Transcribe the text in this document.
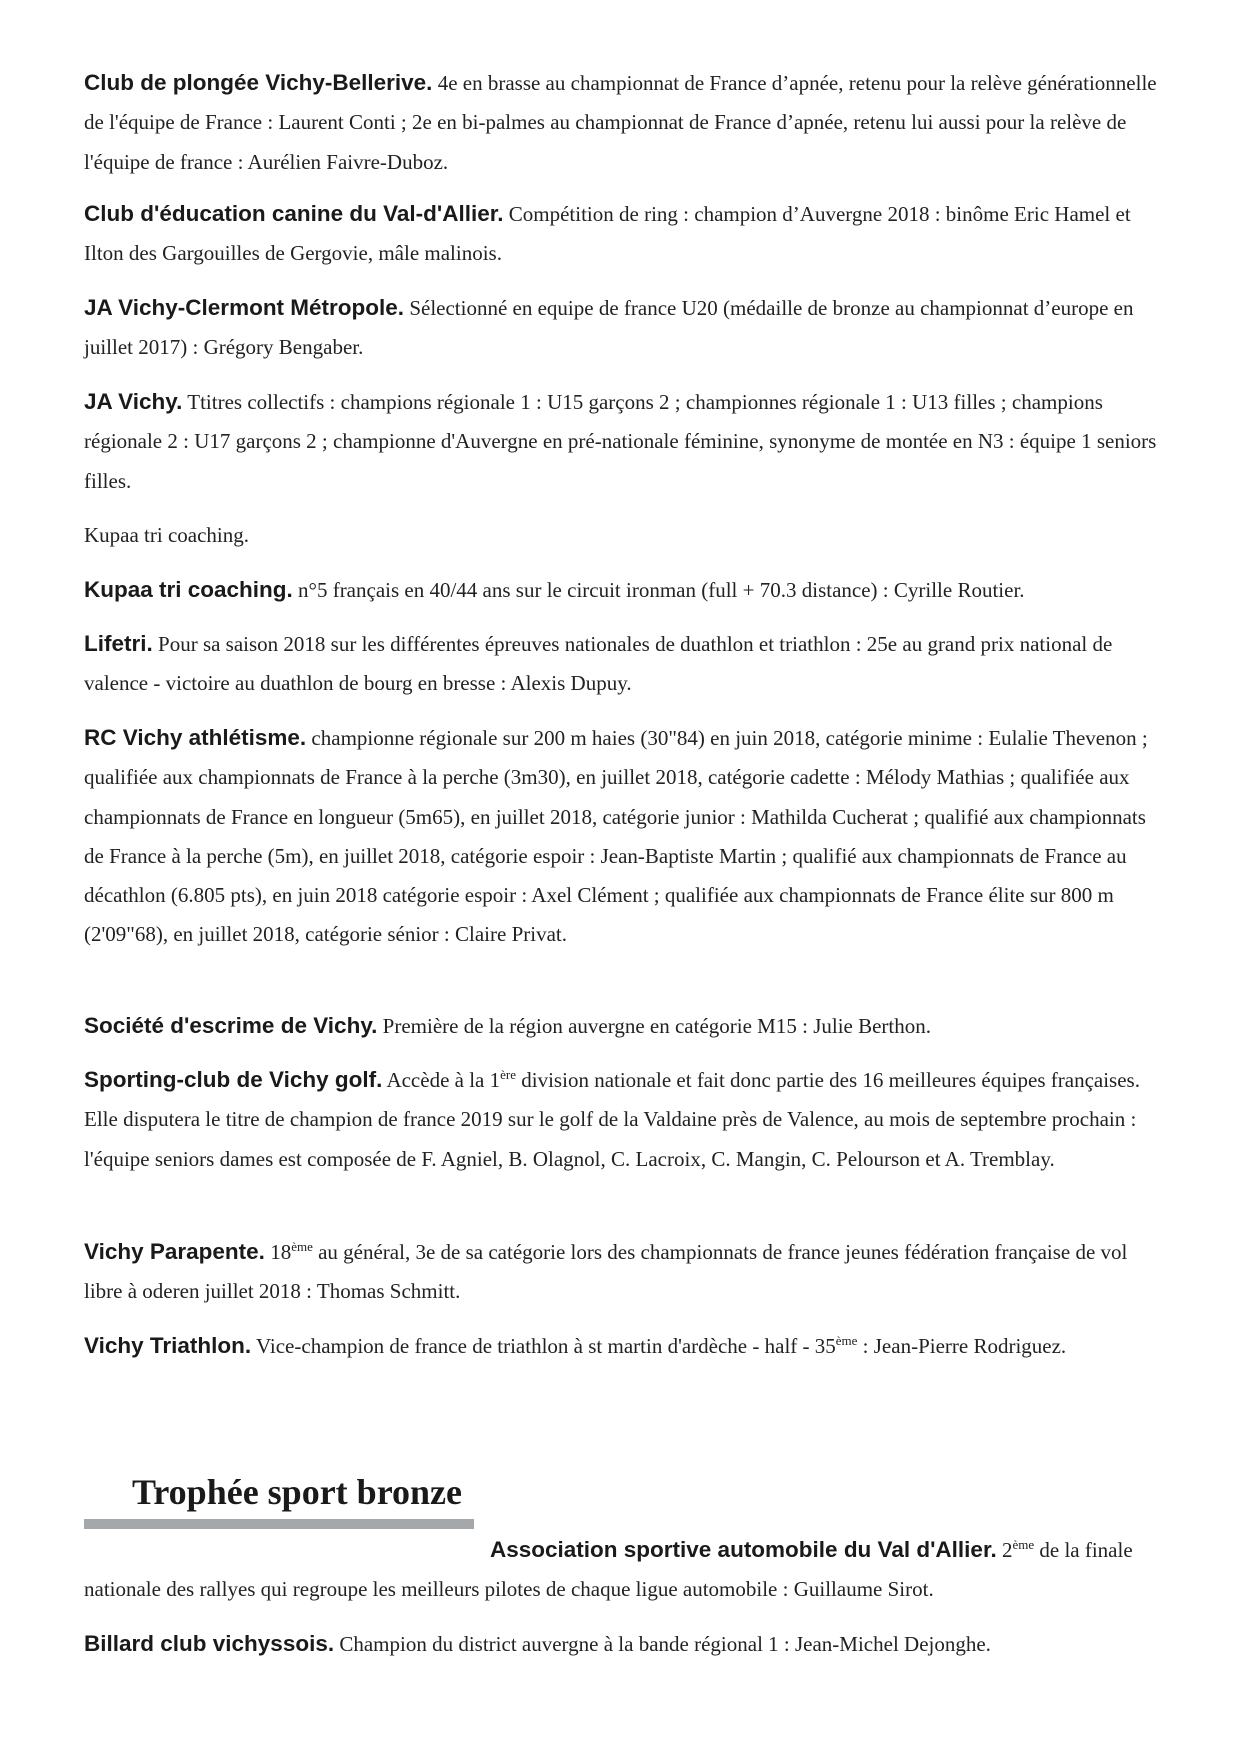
Club de plongée Vichy-Bellerive. 4e en brasse au championnat de France d’apnée, retenu pour la relève générationnelle de l'équipe de France : Laurent Conti ; 2e en bi-palmes au championnat de France d’apnée, retenu lui aussi pour la relève de l'équipe de france : Aurélien Faivre-Duboz.

Club d'éducation canine du Val-d'Allier. Compétition de ring : champion d’Auvergne 2018 : binôme Eric Hamel et Ilton des Gargouilles de Gergovie, mâle malinois.

JA Vichy-Clermont Métropole. Sélectionné en equipe de france U20 (médaille de bronze au championnat d’europe en juillet 2017) : Grégory Bengaber.

JA Vichy. Ttitres collectifs : champions régionale 1 : U15 garçons 2 ; championnes régionale 1 : U13 filles ; champions régionale 2 : U17 garçons 2 ; championne d'Auvergne en pré-nationale féminine, synonyme de montée en N3 : équipe 1 seniors filles.

Kupaa tri coaching.

Kupaa tri coaching. n°5 français en 40/44 ans sur le circuit ironman (full + 70.3 distance) : Cyrille Routier.

Lifetri. Pour sa saison 2018 sur les différentes épreuves nationales de duathlon et triathlon : 25e au grand prix national de valence - victoire au duathlon de bourg en bresse : Alexis Dupuy.

RC Vichy athlétisme. championne régionale sur 200 m haies (30"84) en juin 2018, catégorie minime : Eulalie Thevenon ; qualifiée aux championnats de France à la perche (3m30), en juillet 2018, catégorie cadette : Mélody Mathias ; qualifiée aux championnats de France en longueur (5m65), en juillet 2018, catégorie junior : Mathilda Cucherat ; qualifié aux championnats de France à la perche (5m), en juillet 2018, catégorie espoir : Jean-Baptiste Martin ; qualifié aux championnats de France au décathlon (6.805 pts), en juin 2018 catégorie espoir : Axel Clément ; qualifiée aux championnats de France élite sur 800 m (2'09"68), en juillet 2018, catégorie sénior : Claire Privat.

Société d'escrime de Vichy. Première de la région auvergne en catégorie M15 : Julie Berthon.

Sporting-club de Vichy golf. Accède à la 1ère division nationale et fait donc partie des 16 meilleures équipes françaises. Elle disputera le titre de champion de france 2019 sur le golf de la Valdaine près de Valence, au mois de septembre prochain : l'équipe seniors dames est composée de F. Agniel, B. Olagnol, C. Lacroix, C. Mangin, C. Pelourson et A. Tremblay.

Vichy Parapente. 18ème au général, 3e de sa catégorie lors des championnats de france jeunes fédération française de vol libre à oderen juillet 2018 : Thomas Schmitt.

Vichy Triathlon. Vice-champion de france de triathlon à st martin d'ardèche - half - 35ème : Jean-Pierre Rodriguez.

Trophée sport bronze

Association sportive automobile du Val d'Allier. 2ème de la finale nationale des rallyes qui regroupe les meilleurs pilotes de chaque ligue automobile : Guillaume Sirot.

Billard club vichyssois. Champion du district auvergne à la bande régional 1 : Jean-Michel Dejonghe.
